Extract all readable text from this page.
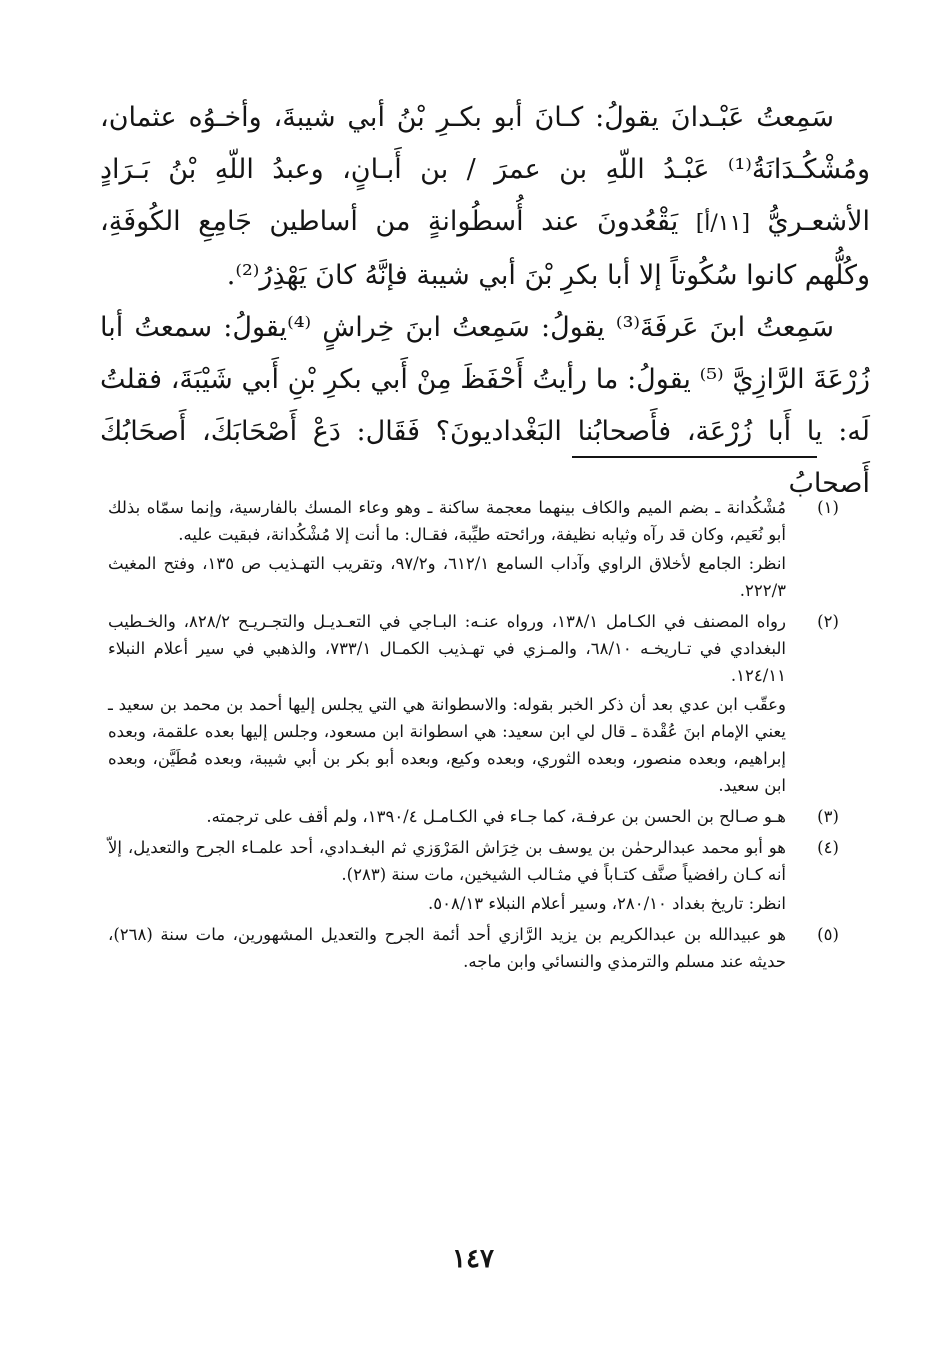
سَمِعتُ عَبْـدانَ يقولُ: كـانَ أبو بكـرِ بْنُ أبي شيبةَ، وأخـوُه عثمان، ومُشْكُـدَانَةُ⁽¹⁾ عَبْـدُ اللّهِ بن عمرَ / بن أَبـانٍ، وعبدُ اللّهِ بْنُ بَـرَادٍ الأشعـريُّ [١١/أ] يَقْعُدونَ عند أُسطُوانةٍ من أساطين جَامِعِ الكُوفَةِ، وكُلُّهم كانوا سُكُوتاً إلا أبا بكرِ بْنَ أبي شيبة فإنَّهُ كانَ يَهْذِرُ⁽²⁾.

سَمِعتُ ابنَ عَرفَةَ⁽³⁾ يقولُ: سَمِعتُ ابنَ خِراشٍ ⁽⁴⁾يقولُ: سمعتُ أبا زُرْعَةَ الرَّازِيَّ ⁽⁵⁾ يقولُ: ما رأيتُ أَحْفَظَ مِنْ أَبي بكرِ بْنِ أَبي شَيْبَةَ، فقلتُ لَه: يا أَبا زُرْعَة، فأَصحابُنا البَغْداديونَ؟ فَقَال: دَعْ أَصْحَابَكَ، أَصحَابُكَ أَصحابُ

(١)

مُشْكُدانة ـ بضم الميم والكاف بينهما معجمة ساكنة ـ وهو وعاء المسك بالفارسية، وإنما سمّاه بذلك أبو نُعَيم، وكان قد رآه وثيابه نظيفة، ورائحته طيِّبة، فقـال: ما أنت إلا مُشْكُدانة، فبقيت عليه.

انظر: الجامع لأخلاق الراوي وآداب السامع ٦١٢/١، و٩٧/٢، وتقريب التهـذيب ص ١٣٥، وفتح المغيث ٢٢٢/٣.

(٢)

رواه المصنف في الكـامل ١٣٨/١، ورواه عنـه: البـاجي في التعـديـل والتجـريـح ٨٢٨/٢، والخـطيب البغدادي في تـاريخـه ٦٨/١٠، والمـزي في تهـذيب الكمـال ٧٣٣/١، والذهبي في سير أعلام النبلاء ١٢٤/١١.

وعقّب ابن عدي بعد أن ذكر الخبر بقوله: والاسطوانة هي التي يجلس إليها أحمد بن محمد بن سعيد ـ يعني الإمام ابنَ عُقْدة ـ قال لي ابن سعيد: هي اسطوانة ابن مسعود، وجلس إليها بعده علقمة، وبعده إبراهيم، وبعده منصور، وبعده الثوري، وبعده وكيع، وبعده أبو بكر بن أبي شيبة، وبعده مُطَيَّن، وبعده ابن سعيد.

(٣)

هـو صـالح بن الحسن بن عرفـة، كما جـاء في الكـامـل ١٣٩٠/٤، ولم أقف على ترجمته.

(٤)

هو أبو محمد عبدالرحمٰن بن يوسف بن خِرَاش المَرْوَزي ثم البغـدادي، أحد علمـاء الجرح والتعديل، إلاّ أنه كـان رافضياً صنَّف كتـاباً في مثـالب الشيخين، مات سنة (٢٨٣).

انظر: تاريخ بغداد ٢٨٠/١٠، وسير أعلام النبلاء ٥٠٨/١٣.

(٥)

هو عبيدالله بن عبدالكريم بن يزيد الرَّازي أحد أئمة الجرح والتعديل المشهورين، مات سنة (٢٦٨)، حديثه عند مسلم والترمذي والنسائي وابن ماجه.

١٤٧
